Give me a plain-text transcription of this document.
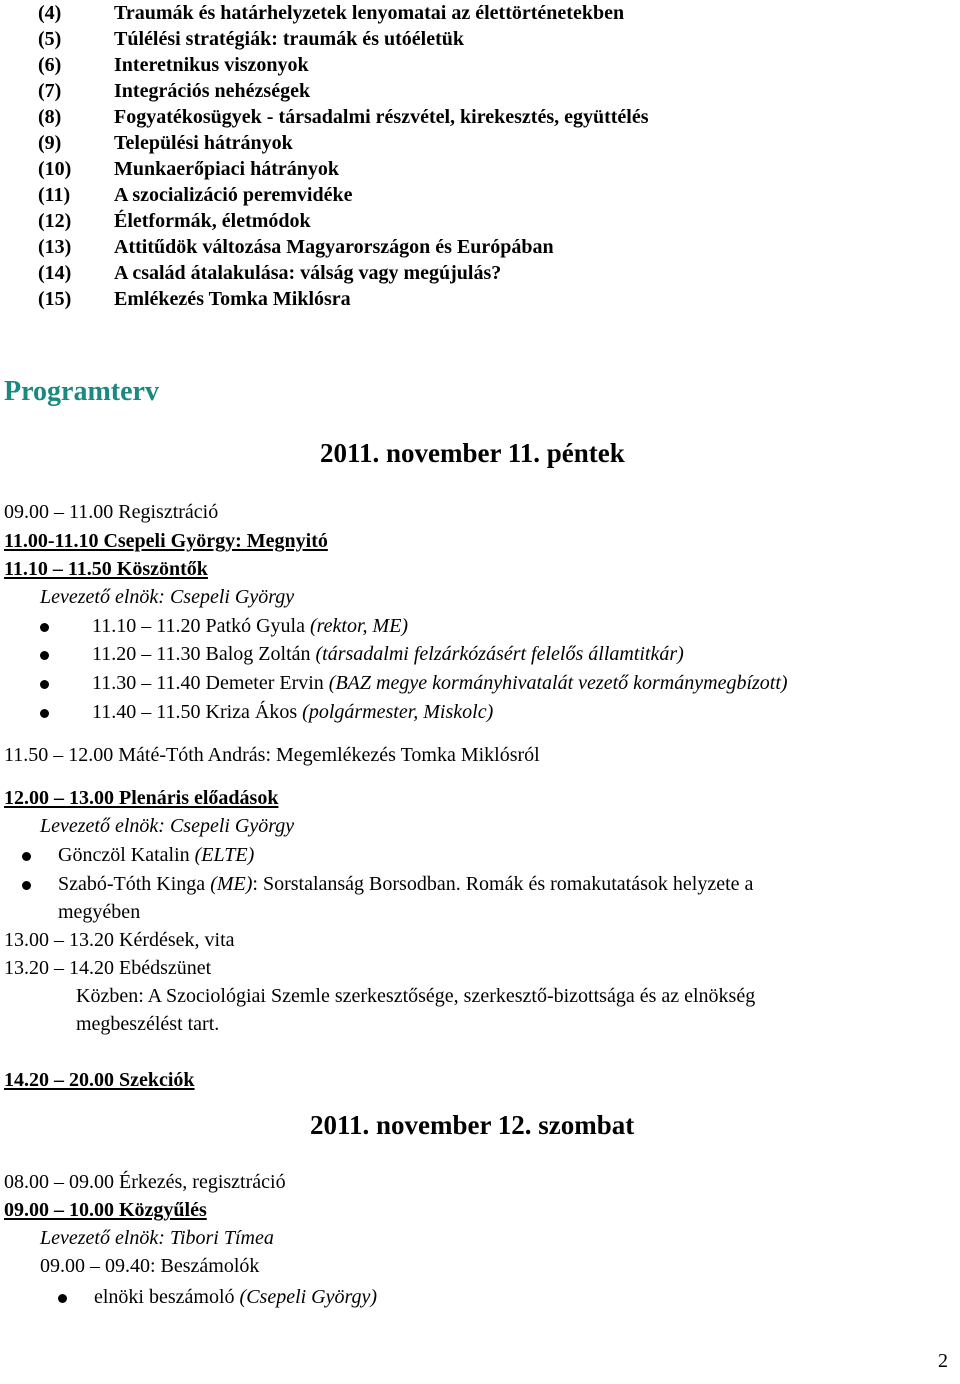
(4)	Traumák és határhelyzetek lenyomatai az élettörténetekben
(5)	Túlélési stratégiák: traumák és utóéletük
(6)	Interetnikus viszonyok
(7)	Integrációs nehézségek
(8)	Fogyatékosügyek - társadalmi részvétel, kirekesztés, együttélés
(9)	Települési hátrányok
(10) Munkaerőpiaci hátrányok
(11) A szocializáció peremvidéke
(12) Életformák, életmódok
(13) Attitűdök változása Magyarországon és Európában
(14) A család átalakulása: válság vagy megújulás?
(15) Emlékezés Tomka Miklósra
Programterv
2011. november 11. péntek
09.00 – 11.00 Regisztráció
11.00-11.10 Csepeli György: Megnyitó
11.10 – 11.50 Köszöntők
Levezető elnök: Csepeli György
11.10 – 11.20 Patkó Gyula (rektor, ME)
11.20 – 11.30 Balog Zoltán (társadalmi felzárkózásért felelős államtitkár)
11.30 – 11.40 Demeter Ervin (BAZ megye kormányhivatalát vezető kormánymegbízott)
11.40 – 11.50 Kriza Ákos (polgármester, Miskolc)
11.50 – 12.00 Máté-Tóth András: Megemlékezés Tomka Miklósról
12.00 – 13.00 Plenáris előadások
Levezető elnök: Csepeli György
Gönczöl Katalin (ELTE)
Szabó-Tóth Kinga (ME): Sorstalanság Borsodban. Romák és romakutatások helyzete a
megyében
13.00 – 13.20 Kérdések, vita
13.20 – 14.20 Ebédszünet
Közben: A Szociológiai Szemle szerkesztősége, szerkesztő-bizottsága és az elnökség
megbeszélést tart.
14.20 – 20.00 Szekciók
2011. november 12. szombat
08.00 – 09.00 Érkezés, regisztráció
09.00 – 10.00 Közgyűlés
Levezető elnök: Tibori Tímea
09.00 – 09.40: Beszámolók
elnöki beszámoló (Csepeli György)
2
